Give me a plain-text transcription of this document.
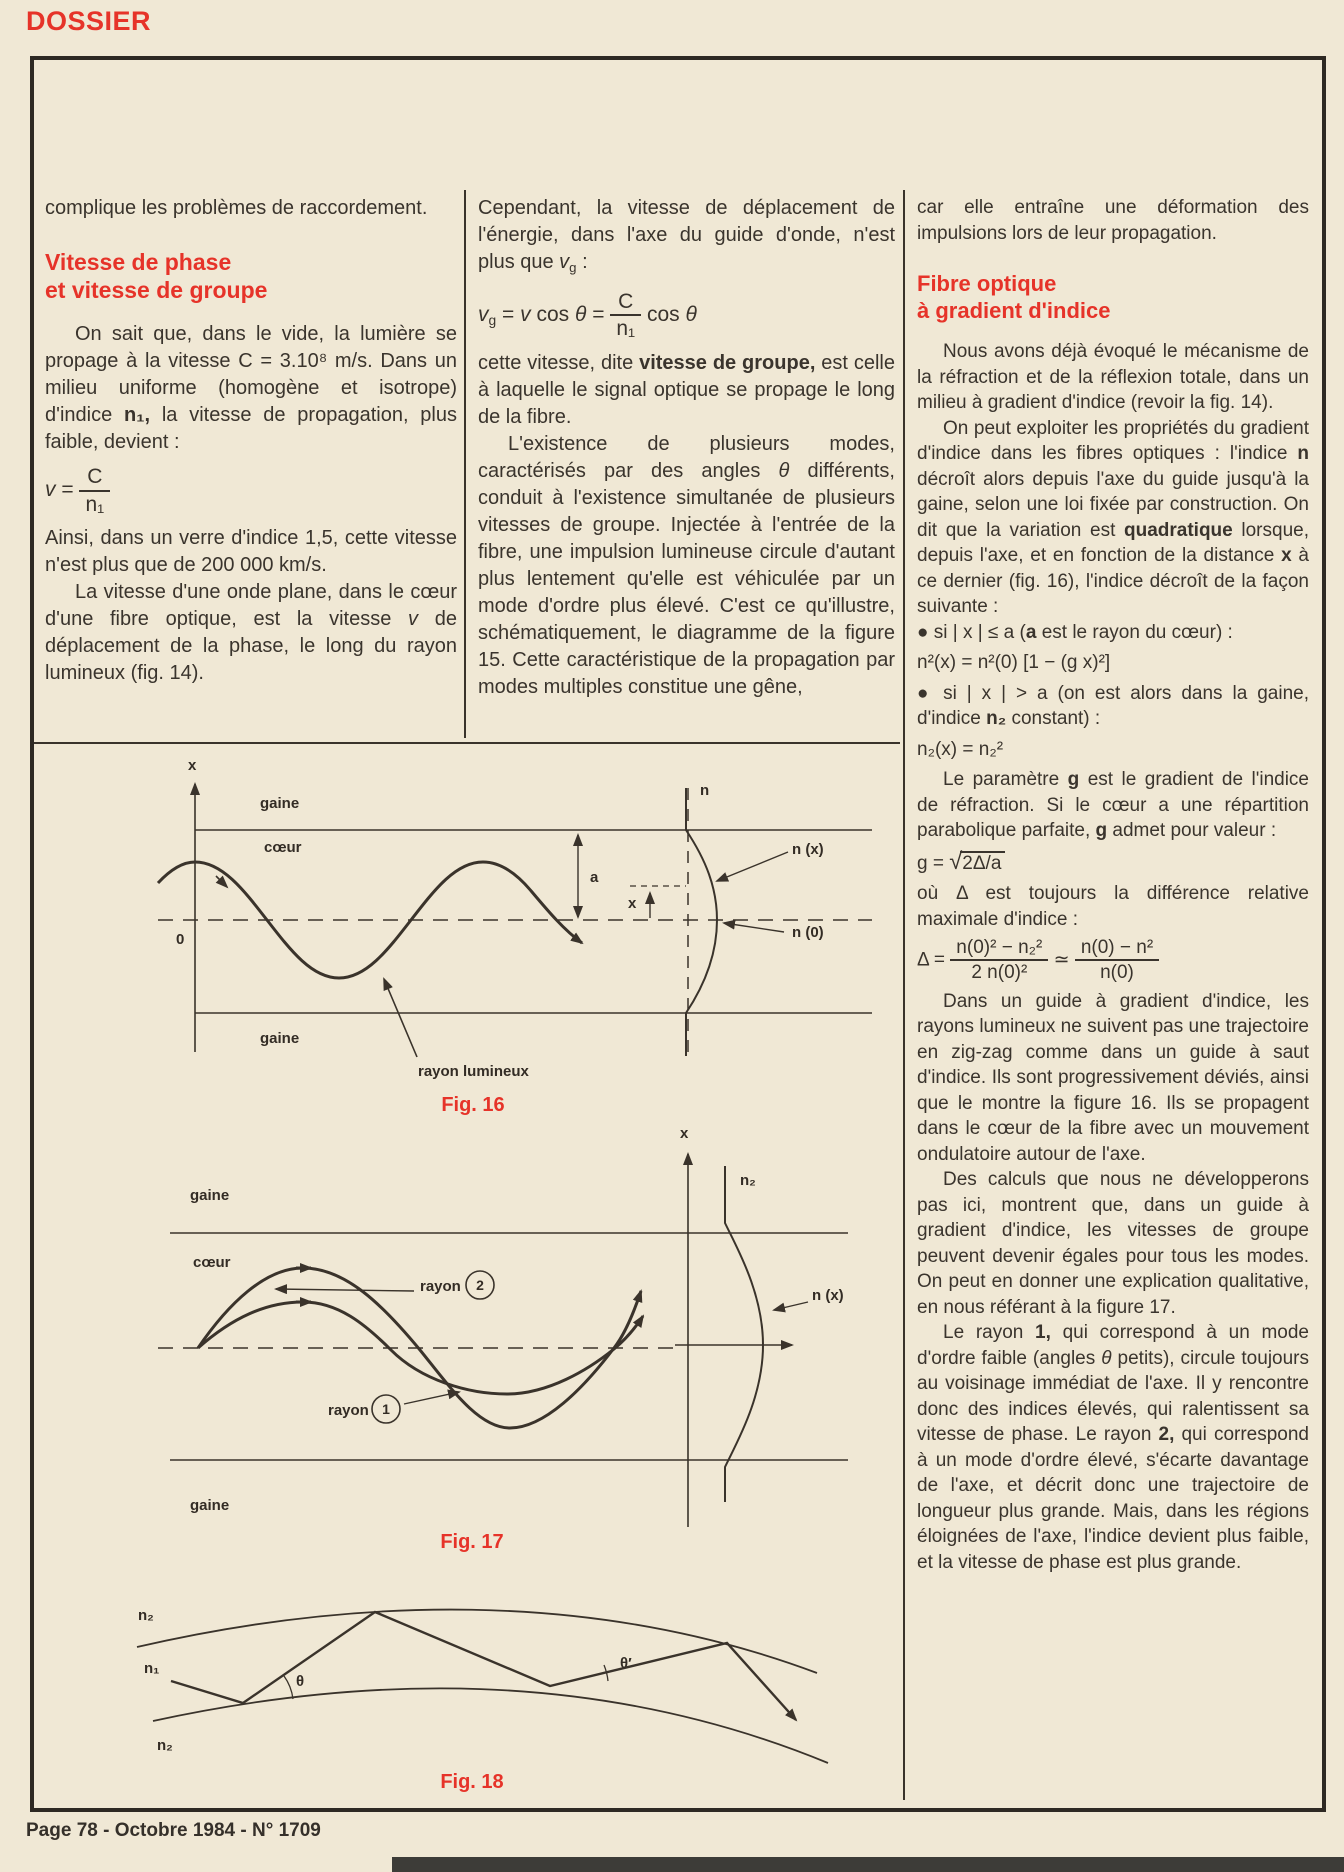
DOSSIER

complique les problèmes de raccordement.

Vitesse de phase
et vitesse de groupe

On sait que, dans le vide, la lumière se propage à la vitesse C = 3.10⁸ m/s. Dans un milieu uniforme (homogène et isotrope) d'indice n₁, la vitesse de propagation, plus faible, devient :

$v = \frac{C}{\text{n₁}}$

Ainsi, dans un verre d'indice 1,5, cette vitesse n'est plus que de 200 000 km/s.

La vitesse d'une onde plane, dans le cœur d'une fibre optique, est la vitesse v de déplacement de la phase, le long du rayon lumineux (fig. 14).

Cependant, la vitesse de déplacement de l'énergie, dans l'axe du guide d'onde, n'est plus que $v_g$ :

$v_g = v$ $\cos \theta = \frac{C}{\text{n₁}}$ cos θ

cette vitesse, dite vitesse de groupe, est celle à laquelle le signal optique se propage le long de la fibre.

L'existence de plusieurs modes, caractérisés par des angles θ différents, conduit à l'existence simultanée de plusieurs vitesses de groupe. Injectée à l'entrée de la fibre, une impulsion lumineuse circule d'autant plus lentement qu'elle est véhiculée par un mode d'ordre plus élevé. C'est ce qu'illustre, schématiquement, le diagramme de la figure 15. Cette caractéristique de la propagation par modes multiples constitue une gêne,

car elle entraîne une déformation des impulsions lors de leur propagation.

Fibre optique
à gradient d'indice

Nous avons déjà évoqué le mécanisme de la réfraction et de la réflexion totale, dans un milieu à gradient d'indice (revoir la fig. 14).

On peut exploiter les propriétés du gradient d'indice dans les fibres optiques : l'indice n décroît alors depuis l'axe du guide jusqu'à la gaine, selon une loi fixée par construction. On dit que la variation est quadratique lorsque, depuis l'axe, et en fonction de la distance x à ce dernier (fig. 16), l'indice décroît de la façon suivante :

● si | x | ≤ a (a est le rayon du cœur) :

n²(x) = n²(0) [1 − (g x)²]

● si | x | > a (on est alors dans la gaine, d'indice n₂ constant) :

n₂(x) = n₂²

Le paramètre g est le gradient de l'indice de réfraction. Si le cœur a une répartition parabolique parfaite, g admet pour valeur :

g = √2Δ/a

où Δ est toujours la différence relative maximale d'indice :

$\Delta = \frac{\text{n(0)² − n₂²}}{\text{2 n(0)²}}$ ≃ $\frac{\text{n(0) − n²}}{n(0)}$

Dans un guide à gradient d'indice, les rayons lumineux ne suivent pas une trajectoire en zig-zag comme dans un guide à saut d'indice. Ils sont progressivement déviés, ainsi que le montre la figure 16. Ils se propagent dans le cœur de la fibre avec un mouvement ondulatoire autour de l'axe.

Des calculs que nous ne développerons pas ici, montrent que, dans un guide à gradient d'indice, les vitesses de groupe peuvent devenir égales pour tous les modes. On peut en donner une explication qualitative, en nous référant à la figure 17.

Le rayon 1, qui correspond à un mode d'ordre faible (angles θ petits), circule toujours au voisinage immédiat de l'axe. Il y rencontre donc des indices élevés, qui ralentissent sa vitesse de phase. Le rayon 2, qui correspond à un mode d'ordre élevé, s'écarte davantage de l'axe, et décrit donc une trajectoire de longueur plus grande. Mais, dans les régions éloignées de l'axe, l'indice devient plus faible, et la vitesse de phase est plus grande.

x
gaine
cœur
0
gaine
rayon lumineux
n
n (x)
n (0)
a
x
Fig. 16
gaine
cœur
rayon 2
rayon 1
gaine
x
n₂
n (x)
Fig. 17
n₂
n₁
n₂
θ
θ′
Fig. 18
Page 78 - Octobre 1984 - N° 1709
